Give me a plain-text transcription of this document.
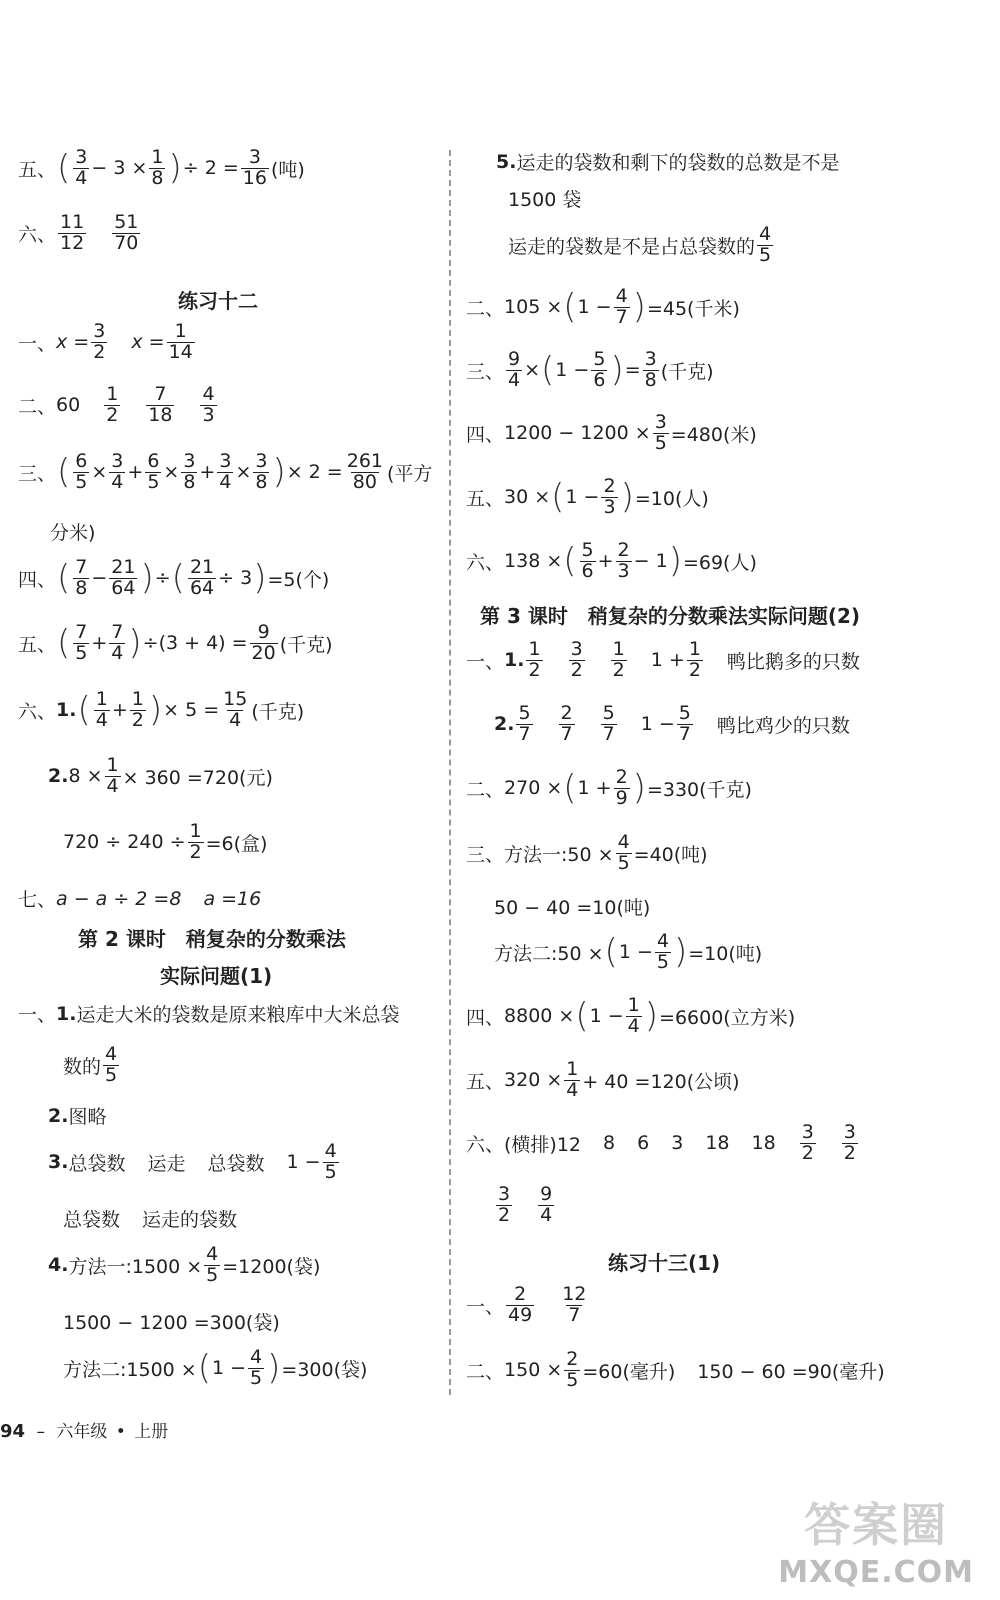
五、 ( $\frac{3}{4} - 3 \times \frac{1}{8}$ ) ÷ $2 = \frac{3}{16}$ (吨)
六、 $\frac{11}{12} \frac{51}{70}$
练习十二
一、 $x = \frac{3}{2}$ $x = \frac{1}{14}$
二、 $60 \frac{1}{2} \frac{7}{18} \frac{4}{3}$
三、 ( $\frac{6}{5} \times \frac{3}{4} + \frac{6}{5} \times \frac{3}{8} + \frac{3}{4} \times \frac{3}{8}$ ) × $2 = \frac{261}{80}$ (平方
分米)
四、 ( $\frac{7}{8} - \frac{21}{64}$ ) ÷ ( $\frac{21}{64} \div 3$ ) =5(个)
五、 ( $\frac{7}{5} + \frac{7}{4}$ ) $\div(3 + 4) = \frac{9}{20}$ (千克)
六、 1. ( $\frac{1}{4} + \frac{1}{2}$ ) × $5 = \frac{15}{4}$ (千克)
2. $8 \times \frac{1}{4} \times 360 =720$(元)
$720 \div 240 \div \frac{1}{2} =6$(盒)
七、 a − a ÷ 2 =8 a =16
第 2 课时　稍复杂的分数乘法
实际问题(1)
一、 1. 运走大米的袋数是原来粮库中大米总袋
数的 $\frac{4}{5}$
2. 图略
3. 总袋数 运走 总袋数 $1 - \frac{4}{5}$
总袋数 运走的袋数
4. 方法一:1500 × $\frac{4}{5} =1200$(袋)
1500 − 1200 =300(袋)
方法二:1500 × ( $1 - \frac{4}{5}$ ) =300(袋)
5. 运走的袋数和剩下的袋数的总数是不是
1500 袋
运走的袋数是不是占总袋数的 $\frac{4}{5}$
二、 105 × ( $1 - \frac{4}{7}$ ) =45(千米)
三、 $\frac{9}{4}$ × ( $1 - \frac{5}{6}$ ) = $\frac{3}{8}$ (千克)
四、 $1200 - 1200 \times \frac{3}{5} =480$(米)
五、 30 × ( $1 - \frac{2}{3}$ ) =10(人)
六、 138 × ( $\frac{5}{6} + \frac{2}{3} - 1$ ) =69(人)
第 3 课时　稍复杂的分数乘法实际问题(2)
一、 1. $\frac{1}{2} \frac{3}{2} \frac{1}{2} 1 + \frac{1}{2}$ 鸭比鹅多的只数
2. $\frac{5}{7} \frac{2}{7} \frac{5}{7} 1 - \frac{5}{7}$ 鸭比鸡少的只数
二、 270 × ( $1 + \frac{2}{9}$ ) =330(千克)
三、 方法一:50 × $\frac{4}{5} =40$(吨)
50 − 40 =10(吨)
方法二:50 × ( $1 - \frac{4}{5}$ ) =10(吨)
四、 8800 × ( $1 - \frac{1}{4}$ ) =6600(立方米)
五、 $320 \times \frac{1}{4} + 40 =120$(公顷)
六、 (横排)12 8 6 3 18 $18 \frac{3}{2} \frac{3}{2}$
$\frac{3}{2} \frac{9}{4}$
练习十三(1)
一、 $\frac{2}{49} \frac{12}{7}$
二、 $150 \times \frac{2}{5} =60$(毫升) 150 − 60 =90(毫升)
94 – 六年级 • 上册
答案圈
MXQE.COM
